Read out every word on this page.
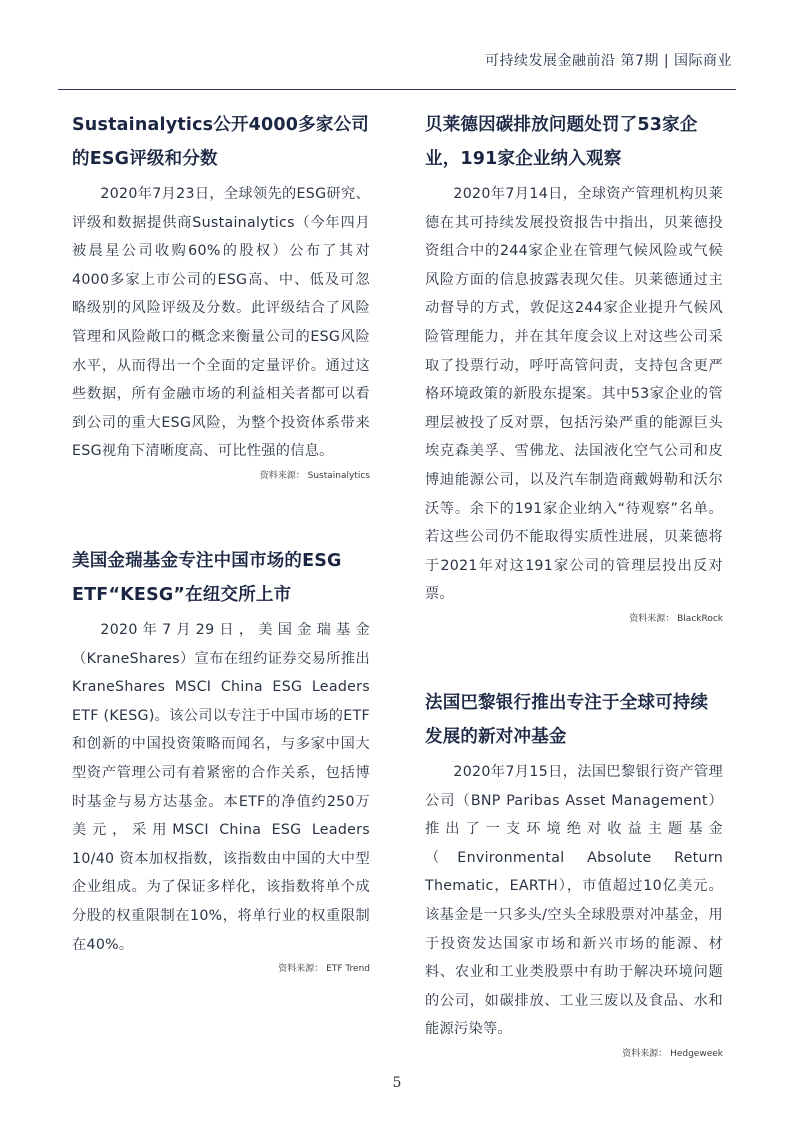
可持续发展金融前沿 第7期 | 国际商业
Sustainalytics公开4000多家公司的ESG评级和分数

2020年7月23日，全球领先的ESG研究、评级和数据提供商Sustainalytics（今年四月被晨星公司收购60%的股权）公布了其对4000多家上市公司的ESG高、中、低及可忽略级别的风险评级及分数。此评级结合了风险管理和风险敞口的概念来衡量公司的ESG风险水平，从而得出一个全面的定量评价。通过这些数据，所有金融市场的利益相关者都可以看到公司的重大ESG风险，为整个投资体系带来ESG视角下清晰度高、可比性强的信息。

资料来源： Sustainalytics
美国金瑞基金专注中国市场的ESG ETF“KESG”在纽交所上市

2020年7月29日，美国金瑞基金（KraneShares）宣布在纽约证券交易所推出 KraneShares MSCI China ESG Leaders ETF (KESG)。该公司以专注于中国市场的ETF和创新的中国投资策略而闻名，与多家中国大型资产管理公司有着紧密的合作关系，包括博时基金与易方达基金。本ETF的净值约250万美元，采用MSCI China ESG Leaders 10/40 资本加权指数，该指数由中国的大中型企业组成。为了保证多样化，该指数将单个成分股的权重限制在10%，将单行业的权重限制在40%。

资料来源： ETF Trend
贝莱德因碳排放问题处罚了53家企业，191家企业纳入观察

2020年7月14日，全球资产管理机构贝莱德在其可持续发展投资报告中指出，贝莱德投资组合中的244家企业在管理气候风险或气候风险方面的信息披露表现欠佳。贝莱德通过主动督导的方式，敦促这244家企业提升气候风险管理能力，并在其年度会议上对这些公司采取了投票行动，呼吁高管问责，支持包含更严格环境政策的新股东提案。其中53家企业的管理层被投了反对票，包括污染严重的能源巨头埃克森美孚、雪佛龙、法国液化空气公司和皮博迪能源公司，以及汽车制造商戴姆勒和沃尔沃等。余下的191家企业纳入“待观察”名单。若这些公司仍不能取得实质性进展，贝莱德将于2021年对这191家公司的管理层投出反对票。

资料来源： BlackRock
法国巴黎银行推出专注于全球可持续发展的新对冲基金

2020年7月15日，法国巴黎银行资产管理公司（BNP Paribas Asset Management）推出了一支环境绝对收益主题基金（Environmental Absolute Return Thematic，EARTH），市值超过10亿美元。该基金是一只多头/空头全球股票对冲基金，用于投资发达国家市场和新兴市场的能源、材料、农业和工业类股票中有助于解决环境问题的公司，如碳排放、工业三废以及食品、水和能源污染等。

资料来源： Hedgeweek
5
